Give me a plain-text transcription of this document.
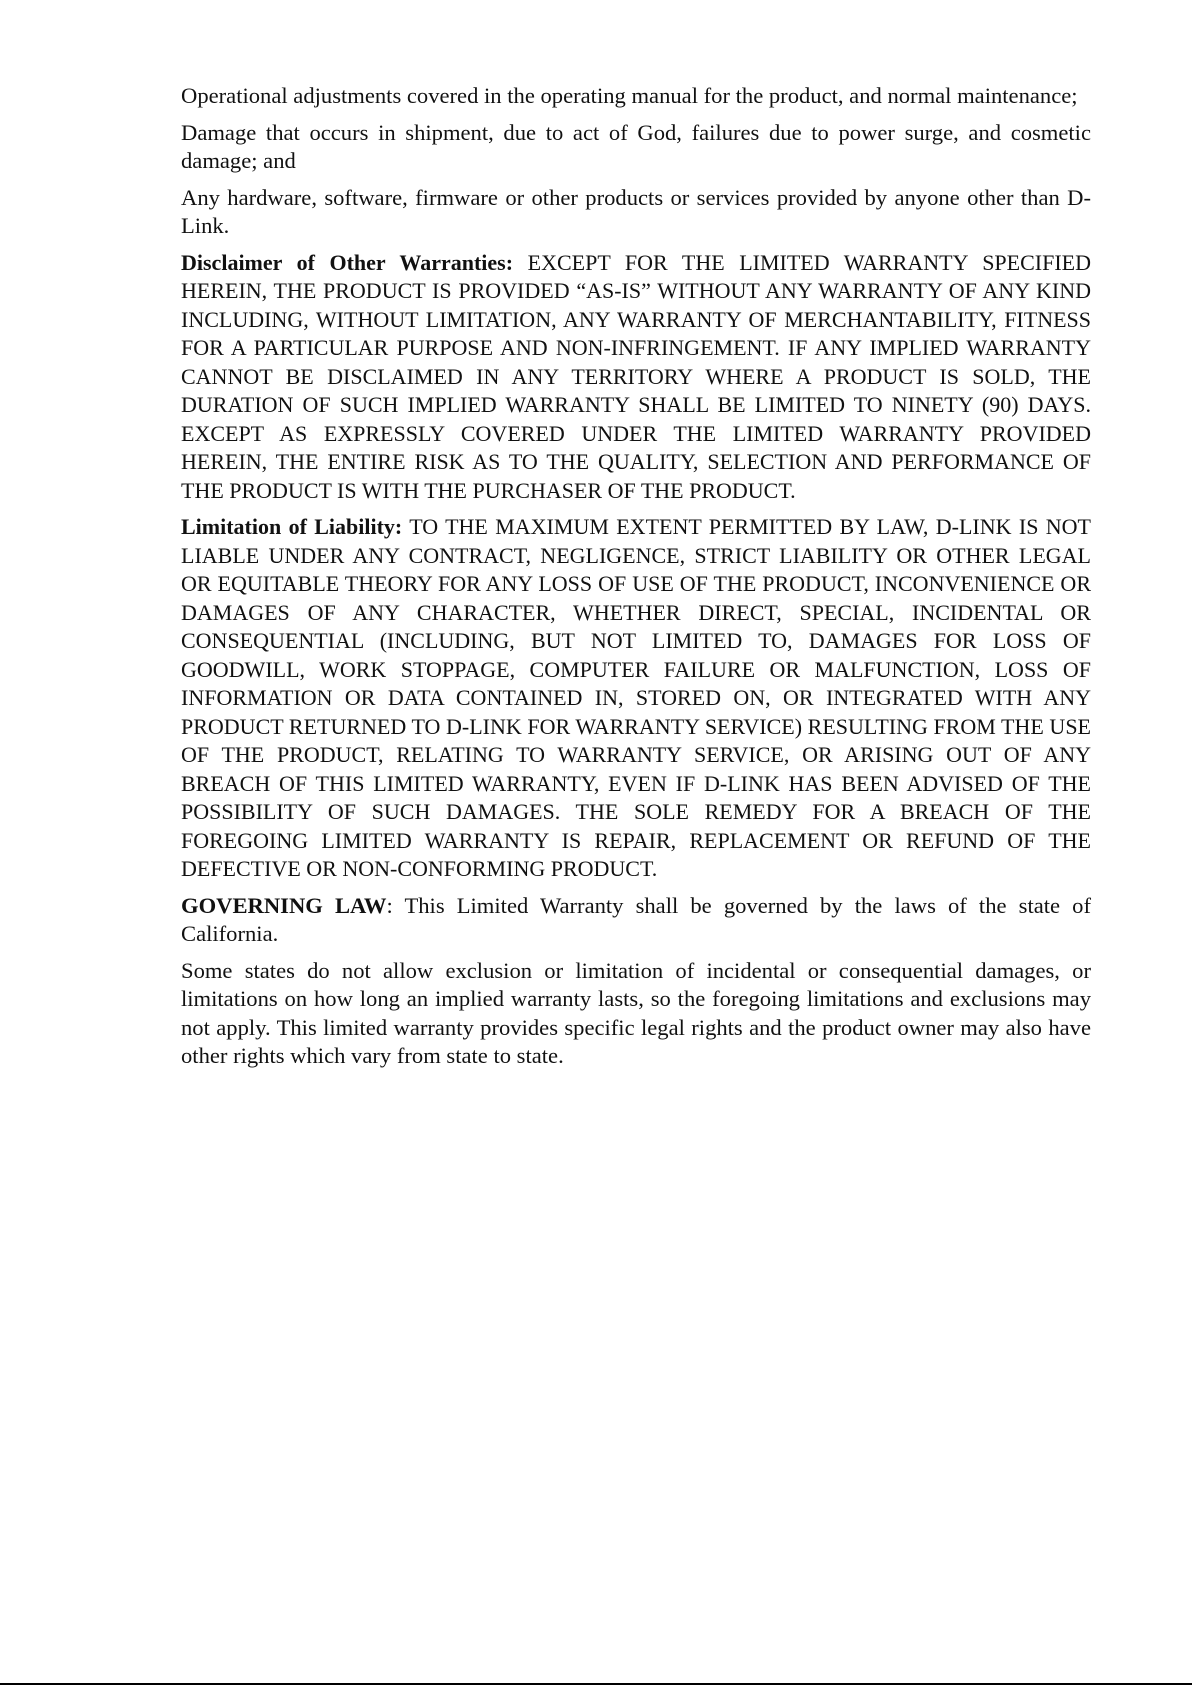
Operational adjustments covered in the operating manual for the product, and normal maintenance;

Damage that occurs in shipment, due to act of God, failures due to power surge, and cosmetic damage; and

Any hardware, software, firmware or other products or services provided by anyone other than D-Link.

Disclaimer of Other Warranties: EXCEPT FOR THE LIMITED WARRANTY SPECIFIED HEREIN, THE PRODUCT IS PROVIDED “AS-IS” WITHOUT ANY WARRANTY OF ANY KIND INCLUDING, WITHOUT LIMITATION, ANY WARRANTY OF MERCHANTABILITY, FITNESS FOR A PARTICULAR PURPOSE AND NON-INFRINGEMENT. IF ANY IMPLIED WARRANTY CANNOT BE DISCLAIMED IN ANY TERRITORY WHERE A PRODUCT IS SOLD, THE DURATION OF SUCH IMPLIED WARRANTY SHALL BE LIMITED TO NINETY (90) DAYS. EXCEPT AS EXPRESSLY COVERED UNDER THE LIMITED WARRANTY PROVIDED HEREIN, THE ENTIRE RISK AS TO THE QUALITY, SELECTION AND PERFORMANCE OF THE PRODUCT IS WITH THE PURCHASER OF THE PRODUCT.

Limitation of Liability: TO THE MAXIMUM EXTENT PERMITTED BY LAW, D-LINK IS NOT LIABLE UNDER ANY CONTRACT, NEGLIGENCE, STRICT LIABILITY OR OTHER LEGAL OR EQUITABLE THEORY FOR ANY LOSS OF USE OF THE PRODUCT, INCONVENIENCE OR DAMAGES OF ANY CHARACTER, WHETHER DIRECT, SPECIAL, INCIDENTAL OR CONSEQUENTIAL (INCLUDING, BUT NOT LIMITED TO, DAMAGES FOR LOSS OF GOODWILL, WORK STOPPAGE, COMPUTER FAILURE OR MALFUNCTION, LOSS OF INFORMATION OR DATA CONTAINED IN, STORED ON, OR INTEGRATED WITH ANY PRODUCT RETURNED TO D-LINK FOR WARRANTY SERVICE) RESULTING FROM THE USE OF THE PRODUCT, RELATING TO WARRANTY SERVICE, OR ARISING OUT OF ANY BREACH OF THIS LIMITED WARRANTY, EVEN IF D-LINK HAS BEEN ADVISED OF THE POSSIBILITY OF SUCH DAMAGES. THE SOLE REMEDY FOR A BREACH OF THE FOREGOING LIMITED WARRANTY IS REPAIR, REPLACEMENT OR REFUND OF THE DEFECTIVE OR NON-CONFORMING PRODUCT.

GOVERNING LAW: This Limited Warranty shall be governed by the laws of the state of California.

Some states do not allow exclusion or limitation of incidental or consequential damages, or limitations on how long an implied warranty lasts, so the foregoing limitations and exclusions may not apply. This limited warranty provides specific legal rights and the product owner may also have other rights which vary from state to state.
